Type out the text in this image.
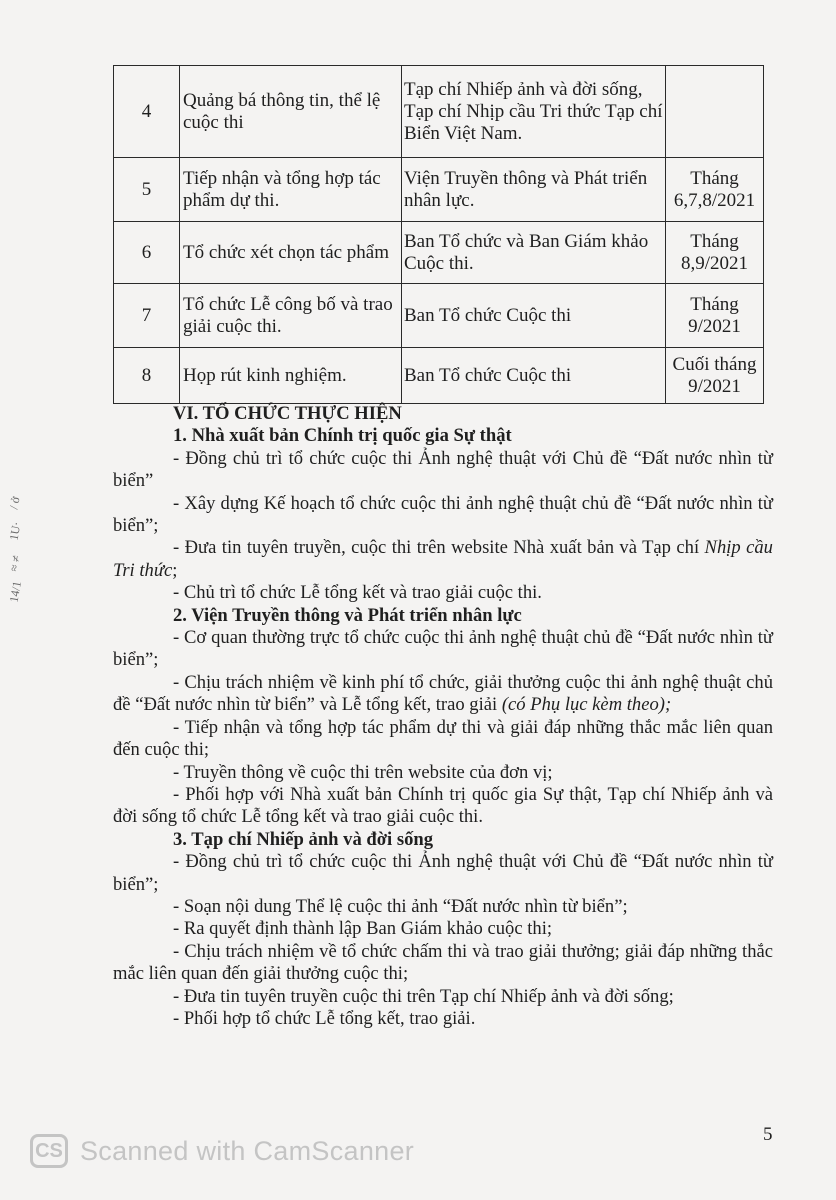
4	Quảng bá thông tin, thể lệ cuộc thi	Tạp chí Nhiếp ảnh và đời sống, Tạp chí Nhịp cầu Tri thức Tạp chí Biển Việt Nam.	
5	Tiếp nhận và tổng hợp tác phẩm dự thi.	Viện Truyền thông và Phát triển nhân lực.	Tháng 6,7,8/2021
6	Tổ chức xét chọn tác phẩm	Ban Tổ chức và Ban Giám khảo Cuộc thi.	Tháng 8,9/2021
7	Tổ chức Lễ công bố và trao giải cuộc thi.	Ban Tổ chức Cuộc thi	Tháng 9/2021
8	Họp rút kinh nghiệm.	Ban Tổ chức Cuộc thi	Cuối tháng 9/2021

VI. TỔ CHỨC THỰC HIỆN

1. Nhà xuất bản Chính trị quốc gia Sự thật

- Đồng chủ trì tổ chức cuộc thi Ảnh nghệ thuật với Chủ đề “Đất nước nhìn từ biển”

- Xây dựng Kế hoạch tổ chức cuộc thi ảnh nghệ thuật chủ đề “Đất nước nhìn từ biển”;

- Đưa tin tuyên truyền, cuộc thi trên website Nhà xuất bản và Tạp chí Nhịp cầu Tri thức;

- Chủ trì tổ chức Lễ tổng kết và trao giải cuộc thi.

2. Viện Truyền thông và Phát triển nhân lực

- Cơ quan thường trực tổ chức cuộc thi ảnh nghệ thuật chủ đề “Đất nước nhìn từ biển”;

- Chịu trách nhiệm về kinh phí tổ chức, giải thưởng cuộc thi ảnh nghệ thuật chủ đề “Đất nước nhìn từ biển” và Lễ tổng kết, trao giải (có Phụ lục kèm theo);

- Tiếp nhận và tổng hợp tác phẩm dự thi và giải đáp những thắc mắc liên quan đến cuộc thi;

- Truyền thông về cuộc thi trên website của đơn vị;

- Phối hợp với Nhà xuất bản Chính trị quốc gia Sự thật, Tạp chí Nhiếp ảnh và đời sống tổ chức Lễ tổng kết và trao giải cuộc thi.

3. Tạp chí Nhiếp ảnh và đời sống

- Đồng chủ trì tổ chức cuộc thi Ảnh nghệ thuật với Chủ đề “Đất nước nhìn từ biển”;

- Soạn nội dung Thể lệ cuộc thi ảnh “Đất nước nhìn từ biển”;

- Ra quyết định thành lập Ban Giám khảo cuộc thi;

- Chịu trách nhiệm về tổ chức chấm thi và trao giải thưởng; giải đáp những thắc mắc liên quan đến giải thưởng cuộc thi;

- Đưa tin tuyên truyền cuộc thi trên Tạp chí Nhiếp ảnh và đời sống;

- Phối hợp tổ chức Lễ tổng kết, trao giải.

/ ở
1U·
≈ ≠
14/1
5
CS Scanned with CamScanner
